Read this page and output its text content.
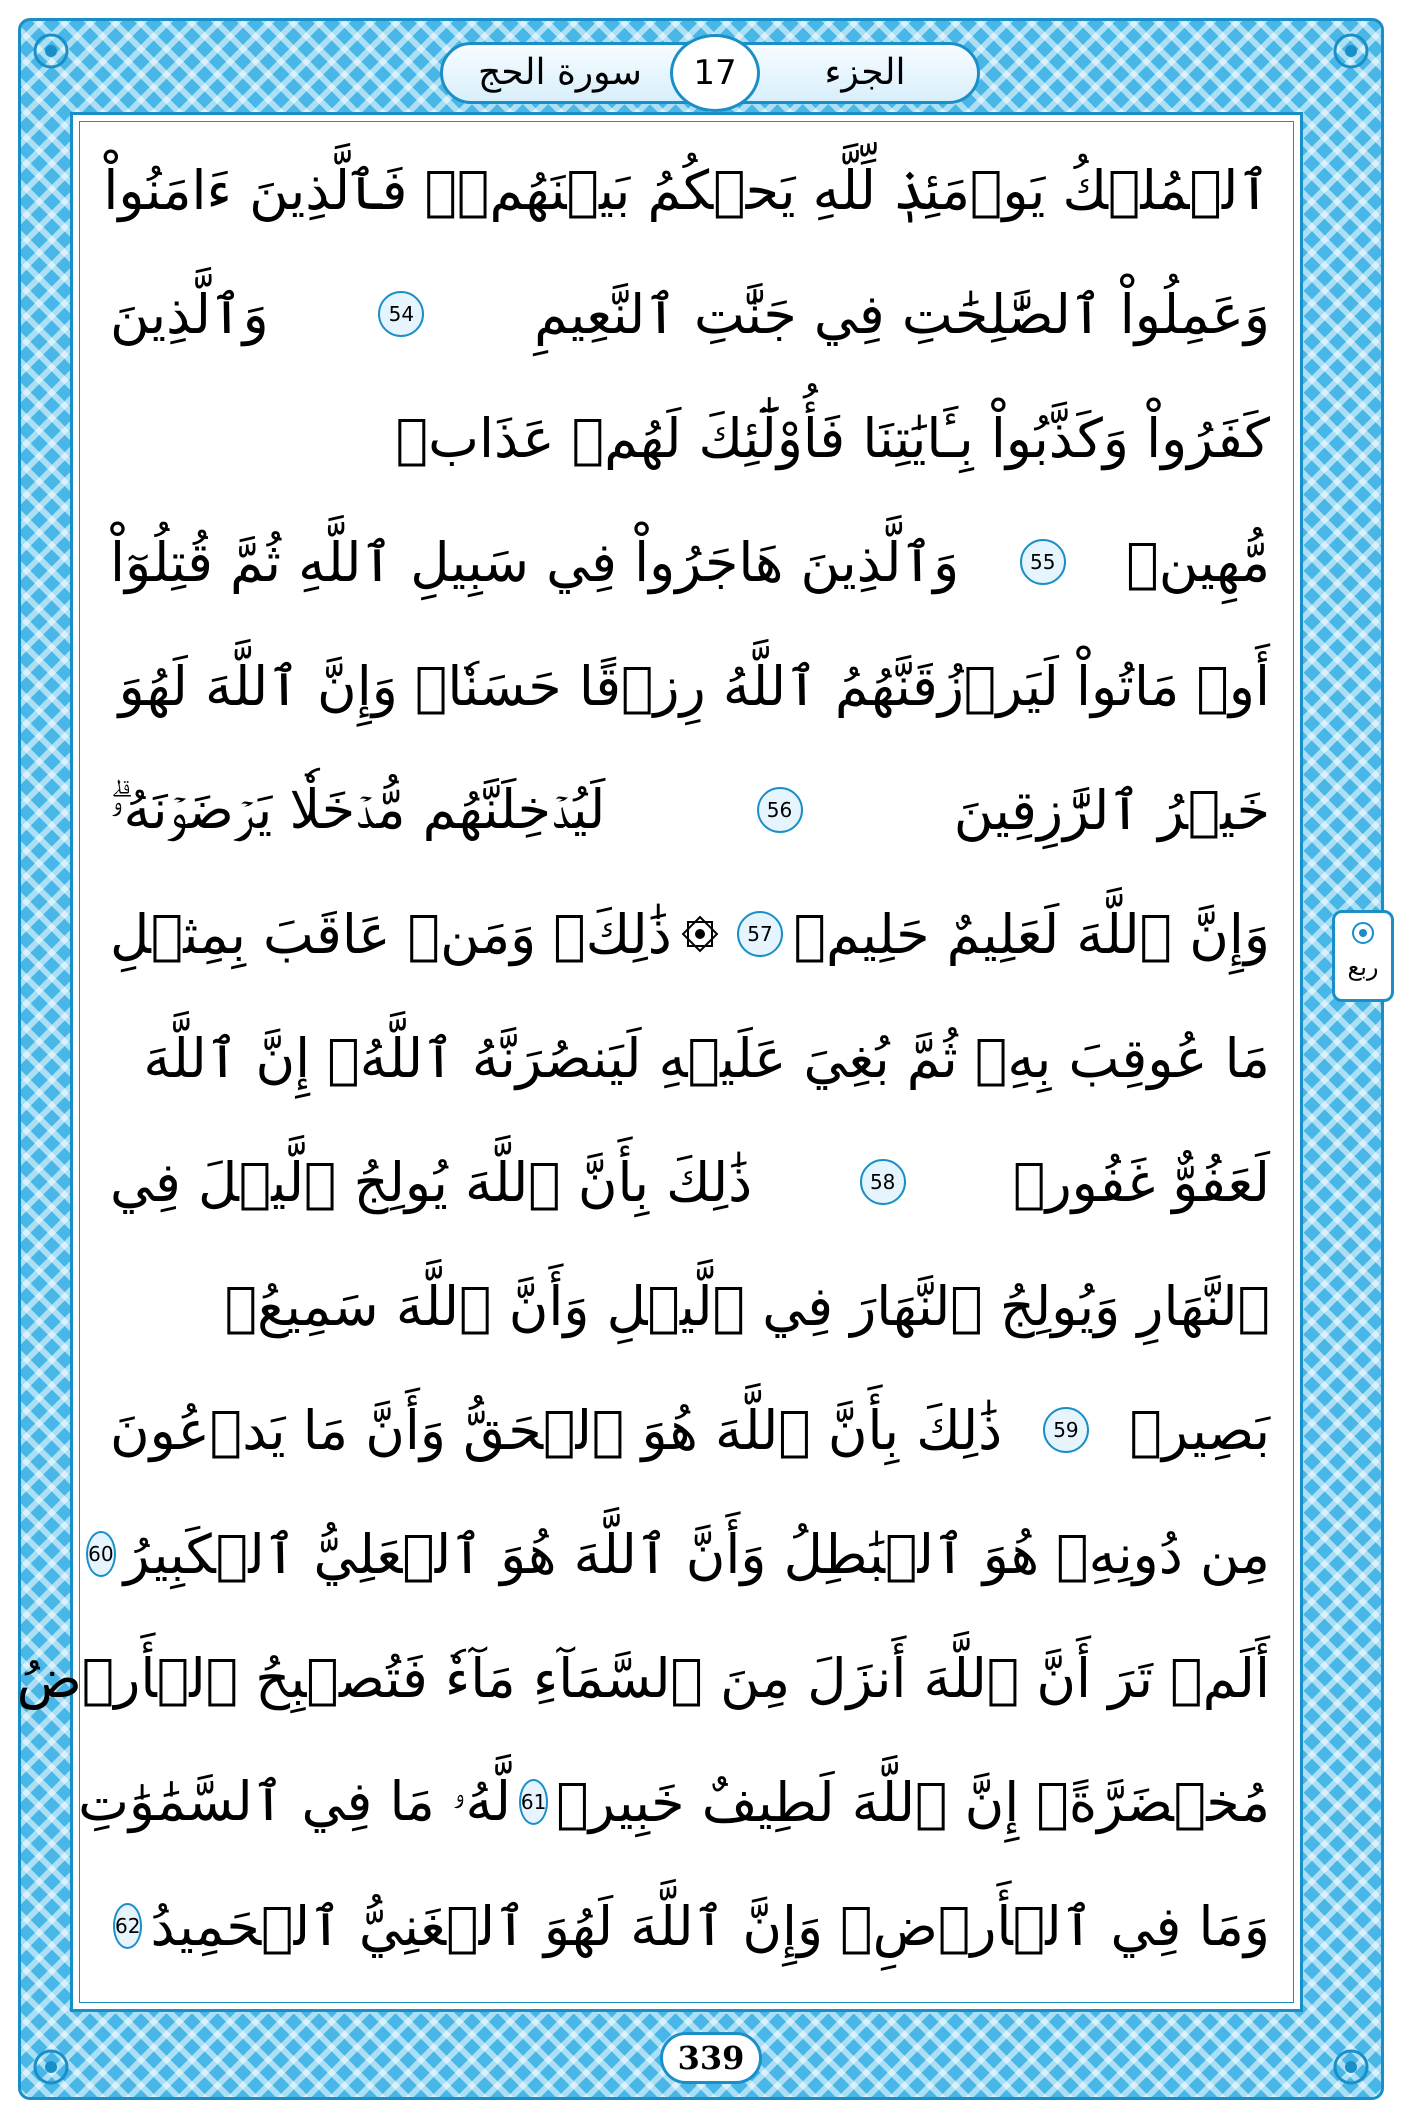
سورة الحج	17	الجزء
ٱلۡمُلۡكُ يَوۡمَئِذٖ لِّلَّهِ يَحۡكُمُ بَيۡنَهُمۡۚ فَٱلَّذِينَ ءَامَنُواْ
وَعَمِلُواْ ٱلصَّٰلِحَٰتِ فِي جَنَّٰتِ ٱلنَّعِيمِ
54
وَٱلَّذِينَ
كَفَرُواْ وَكَذَّبُواْ بِـَٔايَٰتِنَا فَأُوْلَٰٓئِكَ لَهُمۡ عَذَابٞ
مُّهِينٞ
55
وَٱلَّذِينَ هَاجَرُواْ فِي سَبِيلِ ٱللَّهِ ثُمَّ قُتِلُوٓاْ
أَوۡ مَاتُواْ لَيَرۡزُقَنَّهُمُ ٱللَّهُ رِزۡقًا حَسَنٗاۚ وَإِنَّ ٱللَّهَ لَهُوَ
خَيۡرُ ٱلرَّٰزِقِينَ
56
لَيُدۡخِلَنَّهُم مُّدۡخَلٗا يَرۡضَوۡنَهُۥۗ
وَإِنَّ ٱللَّهَ لَعَلِيمٌ حَلِيمٞ
57
ذَٰلِكَۖ وَمَنۡ عَاقَبَ بِمِثۡلِ
مَا عُوقِبَ بِهِۦ ثُمَّ بُغِيَ عَلَيۡهِ لَيَنصُرَنَّهُ ٱللَّهُۚ إِنَّ ٱللَّهَ
لَعَفُوٌّ غَفُورٞ
58
ذَٰلِكَ بِأَنَّ ٱللَّهَ يُولِجُ ٱلَّيۡلَ فِي
ٱلنَّهَارِ وَيُولِجُ ٱلنَّهَارَ فِي ٱلَّيۡلِ وَأَنَّ ٱللَّهَ سَمِيعُۢ
بَصِيرٞ
59
ذَٰلِكَ بِأَنَّ ٱللَّهَ هُوَ ٱلۡحَقُّ وَأَنَّ مَا يَدۡعُونَ
مِن دُونِهِۦ هُوَ ٱلۡبَٰطِلُ وَأَنَّ ٱللَّهَ هُوَ ٱلۡعَلِيُّ ٱلۡكَبِيرُ
60
أَلَمۡ تَرَ أَنَّ ٱللَّهَ أَنزَلَ مِنَ ٱلسَّمَآءِ مَآءٗ فَتُصۡبِحُ ٱلۡأَرۡضُ
مُخۡضَرَّةًۚ إِنَّ ٱللَّهَ لَطِيفٌ خَبِيرٞ
61
لَّهُۥ مَا فِي ٱلسَّمَٰوَٰتِ
وَمَا فِي ٱلۡأَرۡضِۗ وَإِنَّ ٱللَّهَ لَهُوَ ٱلۡغَنِيُّ ٱلۡحَمِيدُ
62
ربع
339
